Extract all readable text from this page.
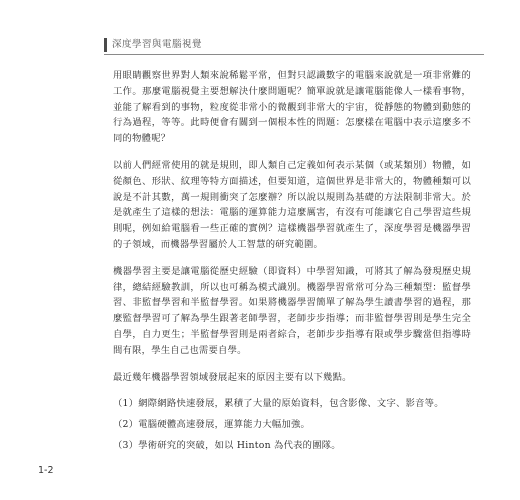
深度學習與電腦視覺

用眼睛觀察世界對人類來說稀鬆平常，但對只認識數字的電腦來說就是一項非常難的工作。那麼電腦視覺主要想解決什麼問題呢？簡單說就是讓電腦能像人一樣看事物，並能了解看到的事物，粒度從非常小的微觀到非常大的宇宙，從靜態的物體到動態的行為過程，等等。此時便會有關到一個根本性的問題：怎麼樣在電腦中表示這麼多不同的物體呢？

以前人們經常使用的就是規則，即人類自己定義如何表示某個（或某類別）物體，如從顏色、形狀、紋理等特方面描述，但要知道，這個世界是非常大的，物體種類可以說是不計其數，萬一規則衝突了怎麼辦？所以說以規則為基礎的方法限制非常大。於是就產生了這樣的想法：電腦的運算能力這麼厲害，有沒有可能讓它自己學習這些規則呢，例如給電腦看一些正確的實例？這樣機器學習就產生了，深度學習是機器學習的子領域，而機器學習屬於人工智慧的研究範圍。

機器學習主要是讓電腦從歷史經驗（即資料）中學習知識，可將其了解為發現歷史規律，總結經驗教訓，所以也可稱為模式識別。機器學習常常可分為三種類型：監督學習、非監督學習和半監督學習。如果將機器學習簡單了解為學生讀書學習的過程，那麼監督學習可了解為學生跟著老師學習，老師步步指導；而非監督學習則是學生完全自學，自力更生；半監督學習則是兩者綜合，老師步步指導有限或學步驟當但指導時間有限，學生自己也需要自學。

最近幾年機器學習領域發展起來的原因主要有以下幾點。

（1）網際網路快速發展，累積了大量的原始資料，包含影像、文字、影音等。
（2）電腦硬體高速發展，運算能力大幅加強。
（3）學術研究的突破，如以 Hinton 為代表的團隊。
1-2
